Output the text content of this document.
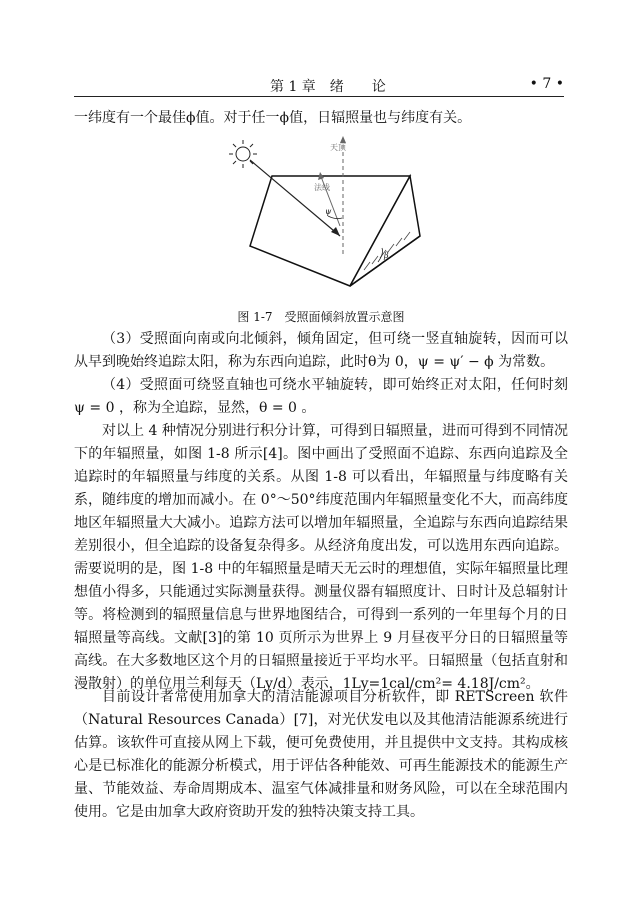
第 1 章　绪　　论	• 7 •
一纬度有一个最佳ϕ值。对于任一ϕ值，日辐照量也与纬度有关。
天顶
法线
ψ
β
图 1-7　受照面倾斜放置示意图

（3）受照面向南或向北倾斜，倾角固定，但可绕一竖直轴旋转，因而可以从早到晚始终追踪太阳，称为东西向追踪，此时θ为 0，ψ = ψ′ − ϕ 为常数。

（4）受照面可绕竖直轴也可绕水平轴旋转，即可始终正对太阳，任何时刻ψ = 0 ，称为全追踪，显然，θ = 0 。

对以上 4 种情况分别进行积分计算，可得到日辐照量，进而可得到不同情况下的年辐照量，如图 1-8 所示[4]。图中画出了受照面不追踪、东西向追踪及全追踪时的年辐照量与纬度的关系。从图 1-8 可以看出，年辐照量与纬度略有关系，随纬度的增加而减小。在 0°～50°纬度范围内年辐照量变化不大，而高纬度地区年辐照量大大减小。追踪方法可以增加年辐照量，全追踪与东西向追踪结果差别很小，但全追踪的设备复杂得多。从经济角度出发，可以选用东西向追踪。需要说明的是，图 1-8 中的年辐照量是晴天无云时的理想值，实际年辐照量比理想值小得多，只能通过实际测量获得。测量仪器有辐照度计、日时计及总辐射计等。将检测到的辐照量信息与世界地图结合，可得到一系列的一年里每个月的日辐照量等高线。文献[3]的第 10 页所示为世界上 9 月昼夜平分日的日辐照量等高线。在大多数地区这个月的日辐照量接近于平均水平。日辐照量（包括直射和漫散射）的单位用兰利每天（Ly/d）表示，1Ly=1cal/cm²= 4.18J/cm²。

目前设计者常使用加拿大的清洁能源项目分析软件，即 RETScreen 软件（Natural Resources Canada）[7]，对光伏发电以及其他清洁能源系统进行估算。该软件可直接从网上下载，便可免费使用，并且提供中文支持。其构成核心是已标准化的能源分析模式，用于评估各种能效、可再生能源技术的能源生产量、节能效益、寿命周期成本、温室气体减排量和财务风险，可以在全球范围内使用。它是由加拿大政府资助开发的独特决策支持工具。
